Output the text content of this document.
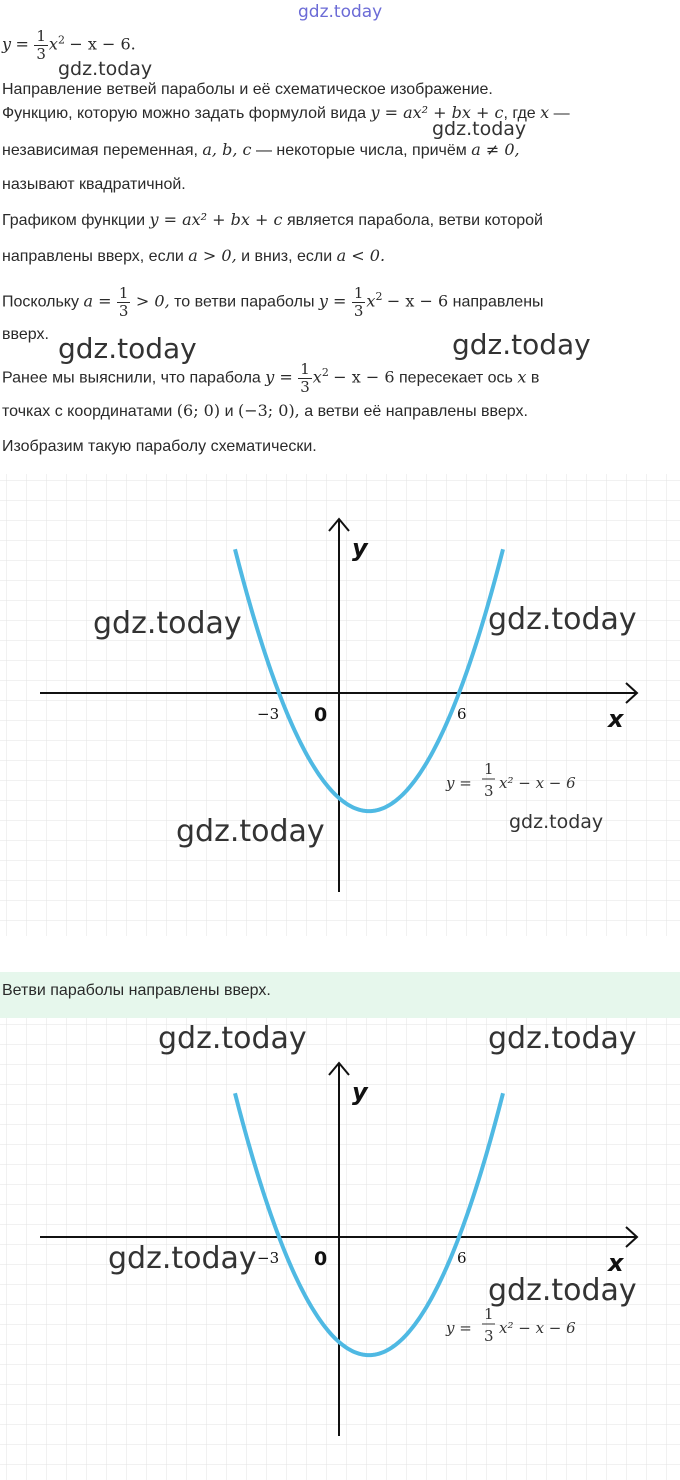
gdz.today
$y = \frac{1}{3} x^2 - x - 6$.
gdz.today
Направление ветвей параболы и её схематическое изображение.
Функцию, которую можно задать формулой вида y = ax² + bx + c, где x —
gdz.today
независимая переменная, a, b, c — некоторые числа, причём a ≠ 0,
называют квадратичной.
Графиком функции y = ax² + bx + c является парабола, ветви которой
направлены вверх, если a > 0, и вниз, если a < 0.
Поскольку $a = \frac{1}{3} > 0$, то ветви параболы $y = \frac{1}{3} x^2 - x - 6$ направлены
вверх. gdz.today	gdz.today
Ранее мы выяснили, что парабола $y = \frac{1}{3} x^2 - x - 6$ пересекает ось x в
точках с координатами (6; 0) и (−3; 0), а ветви её направлены вверх.
Изобразим такую параболу схематически.
y
x
0
−3	6
y =
1
3 x² − x − 6
gdz.today	gdz.today
gdz.today	gdz.today
Ветви параболы направлены вверх.
y
x
0
−3	6
y =
1
3 x² − x − 6
gdz.today	gdz.today
gdz.today
gdz.today
